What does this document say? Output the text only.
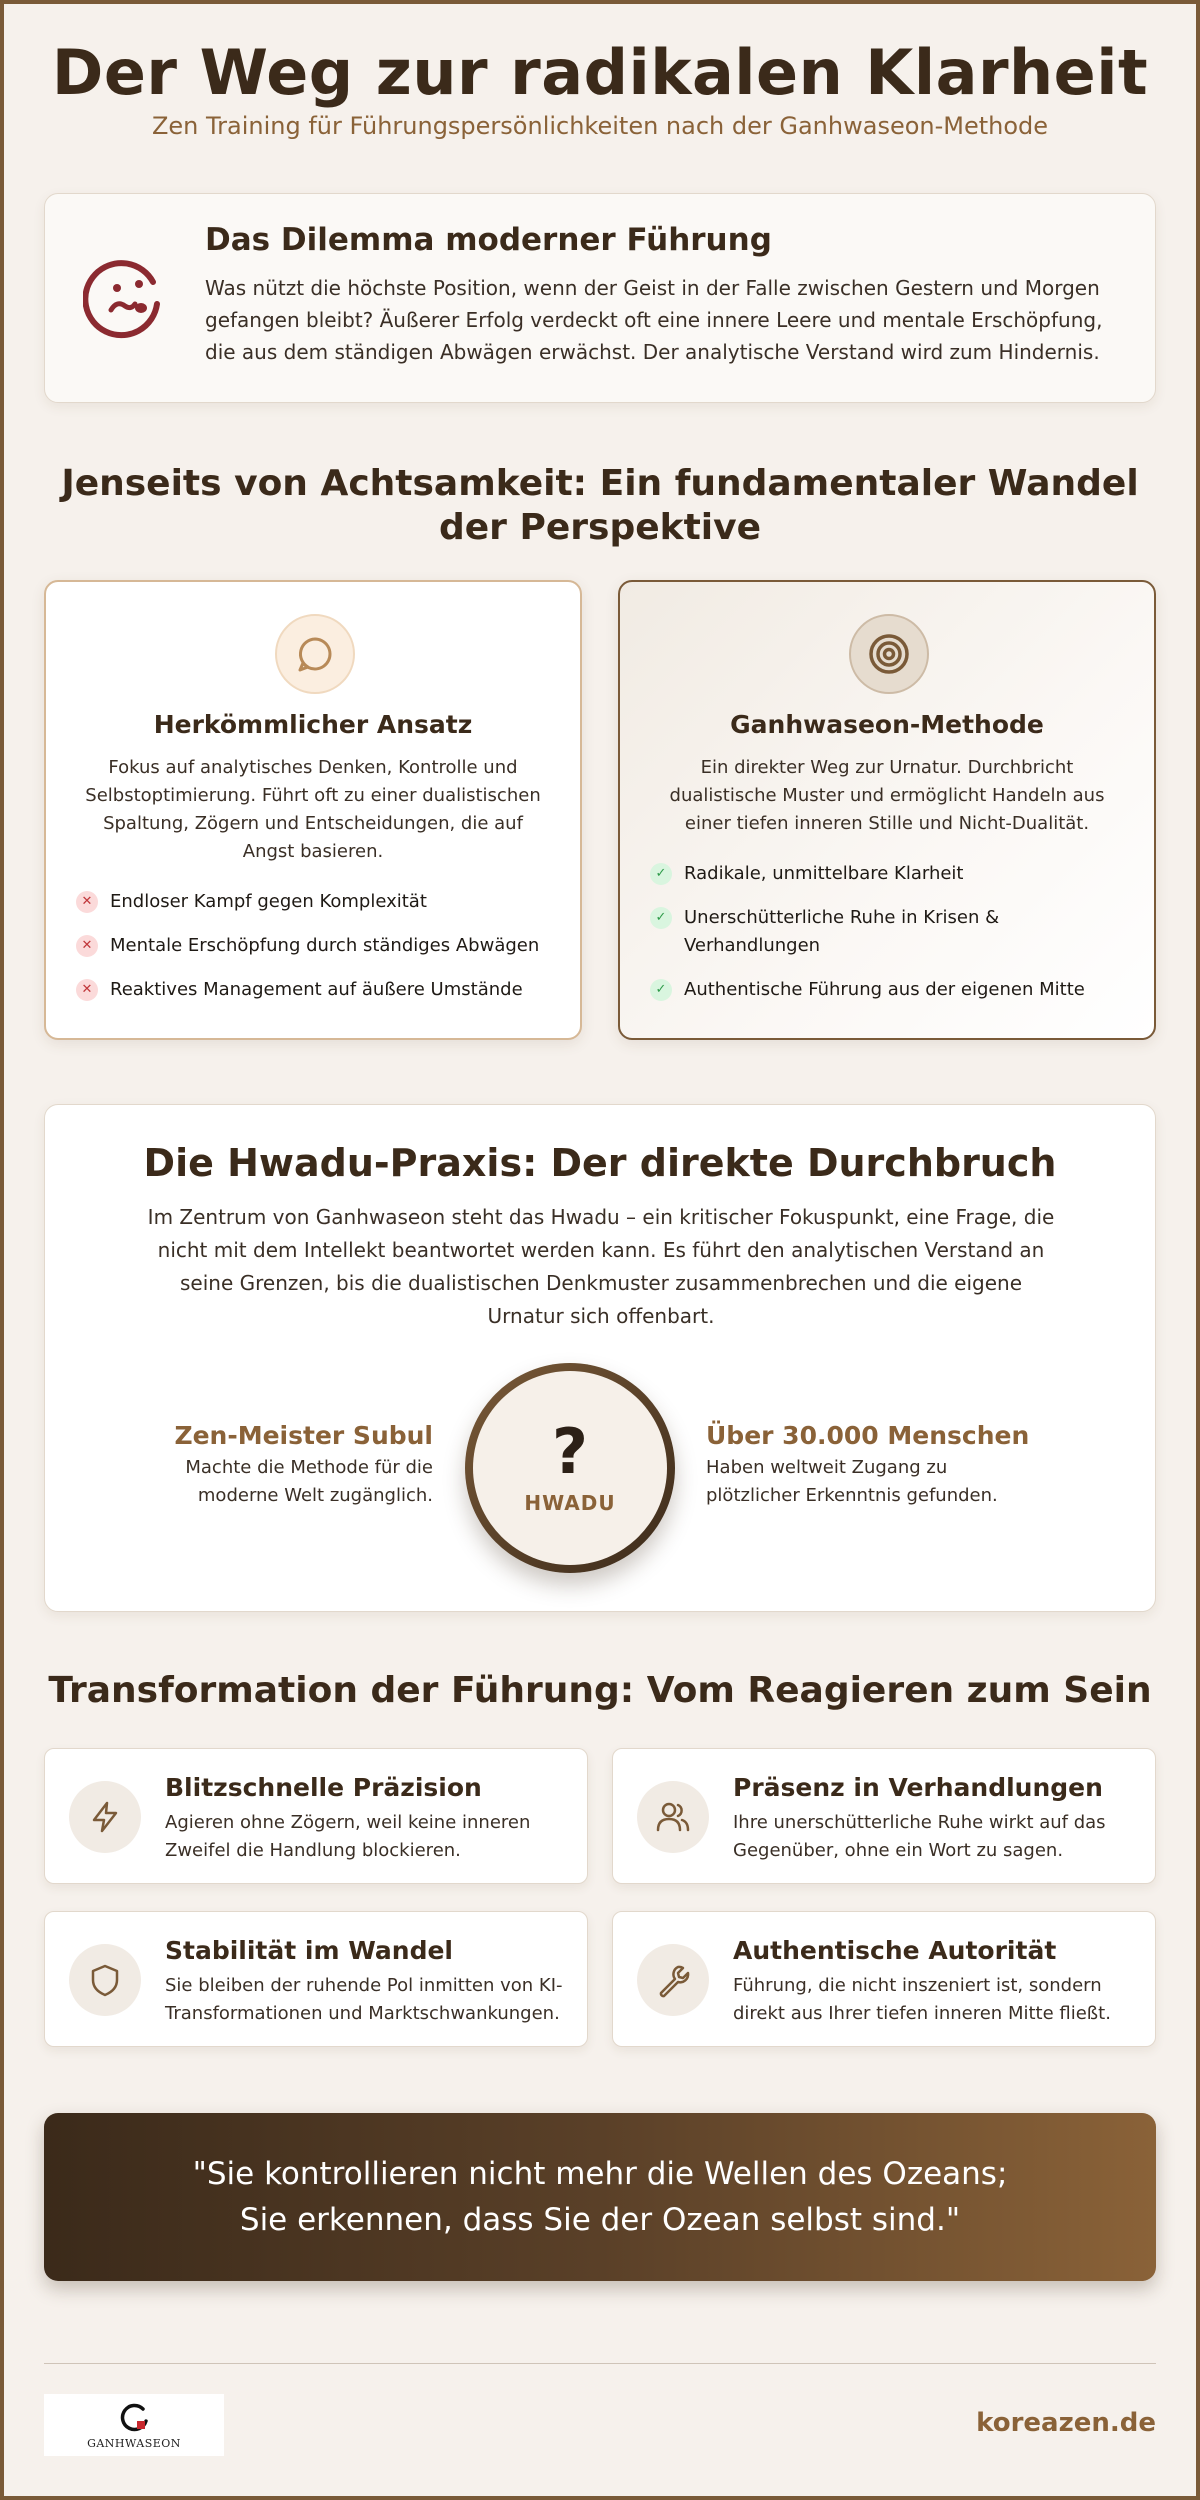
Der Weg zur radikalen Klarheit
Zen Training für Führungspersönlichkeiten nach der Ganhwaseon-Methode
Das Dilemma moderner Führung

Was nützt die höchste Position, wenn der Geist in der Falle zwischen Gestern und Morgen gefangen bleibt? Äußerer Erfolg verdeckt oft eine innere Leere und mentale Erschöpfung, die aus dem ständigen Abwägen erwächst. Der analytische Verstand wird zum Hindernis.

Jenseits von Achtsamkeit: Ein fundamentaler Wandel der Perspektive
Herkömmlicher Ansatz

Fokus auf analytisches Denken, Kontrolle und Selbstoptimierung. Führt oft zu einer dualistischen Spaltung, Zögern und Entscheidungen, die auf Angst basieren.

✕ Endloser Kampf gegen Komplexität
✕ Mentale Erschöpfung durch ständiges Abwägen
✕ Reaktives Management auf äußere Umstände
Ganhwaseon-Methode

Ein direkter Weg zur Urnatur. Durchbricht dualistische Muster und ermöglicht Handeln aus einer tiefen inneren Stille und Nicht-Dualität.

✓ Radikale, unmittelbare Klarheit
✓ Unerschütterliche Ruhe in Krisen & Verhandlungen
✓ Authentische Führung aus der eigenen Mitte
Die Hwadu-Praxis: Der direkte Durchbruch

Im Zentrum von Ganhwaseon steht das Hwadu – ein kritischer Fokuspunkt, eine Frage, die nicht mit dem Intellekt beantwortet werden kann. Es führt den analytischen Verstand an seine Grenzen, bis die dualistischen Denkmuster zusammenbrechen und die eigene Urnatur sich offenbart.

Zen-Meister Subul
Machte die Methode für die moderne Welt zugänglich.
?
HWADU
Über 30.000 Menschen
Haben weltweit Zugang zu plötzlicher Erkenntnis gefunden.
Transformation der Führung: Vom Reagieren zum Sein
Blitzschnelle Präzision

Agieren ohne Zögern, weil keine inneren Zweifel die Handlung blockieren.

Präsenz in Verhandlungen

Ihre unerschütterliche Ruhe wirkt auf das Gegenüber, ohne ein Wort zu sagen.

Stabilität im Wandel

Sie bleiben der ruhende Pol inmitten von KI-Transformationen und Marktschwankungen.

Authentische Autorität

Führung, die nicht inszeniert ist, sondern direkt aus Ihrer tiefen inneren Mitte fließt.

"Sie kontrollieren nicht mehr die Wellen des Ozeans;
Sie erkennen, dass Sie der Ozean selbst sind."
GANHWASEON
koreazen.de
